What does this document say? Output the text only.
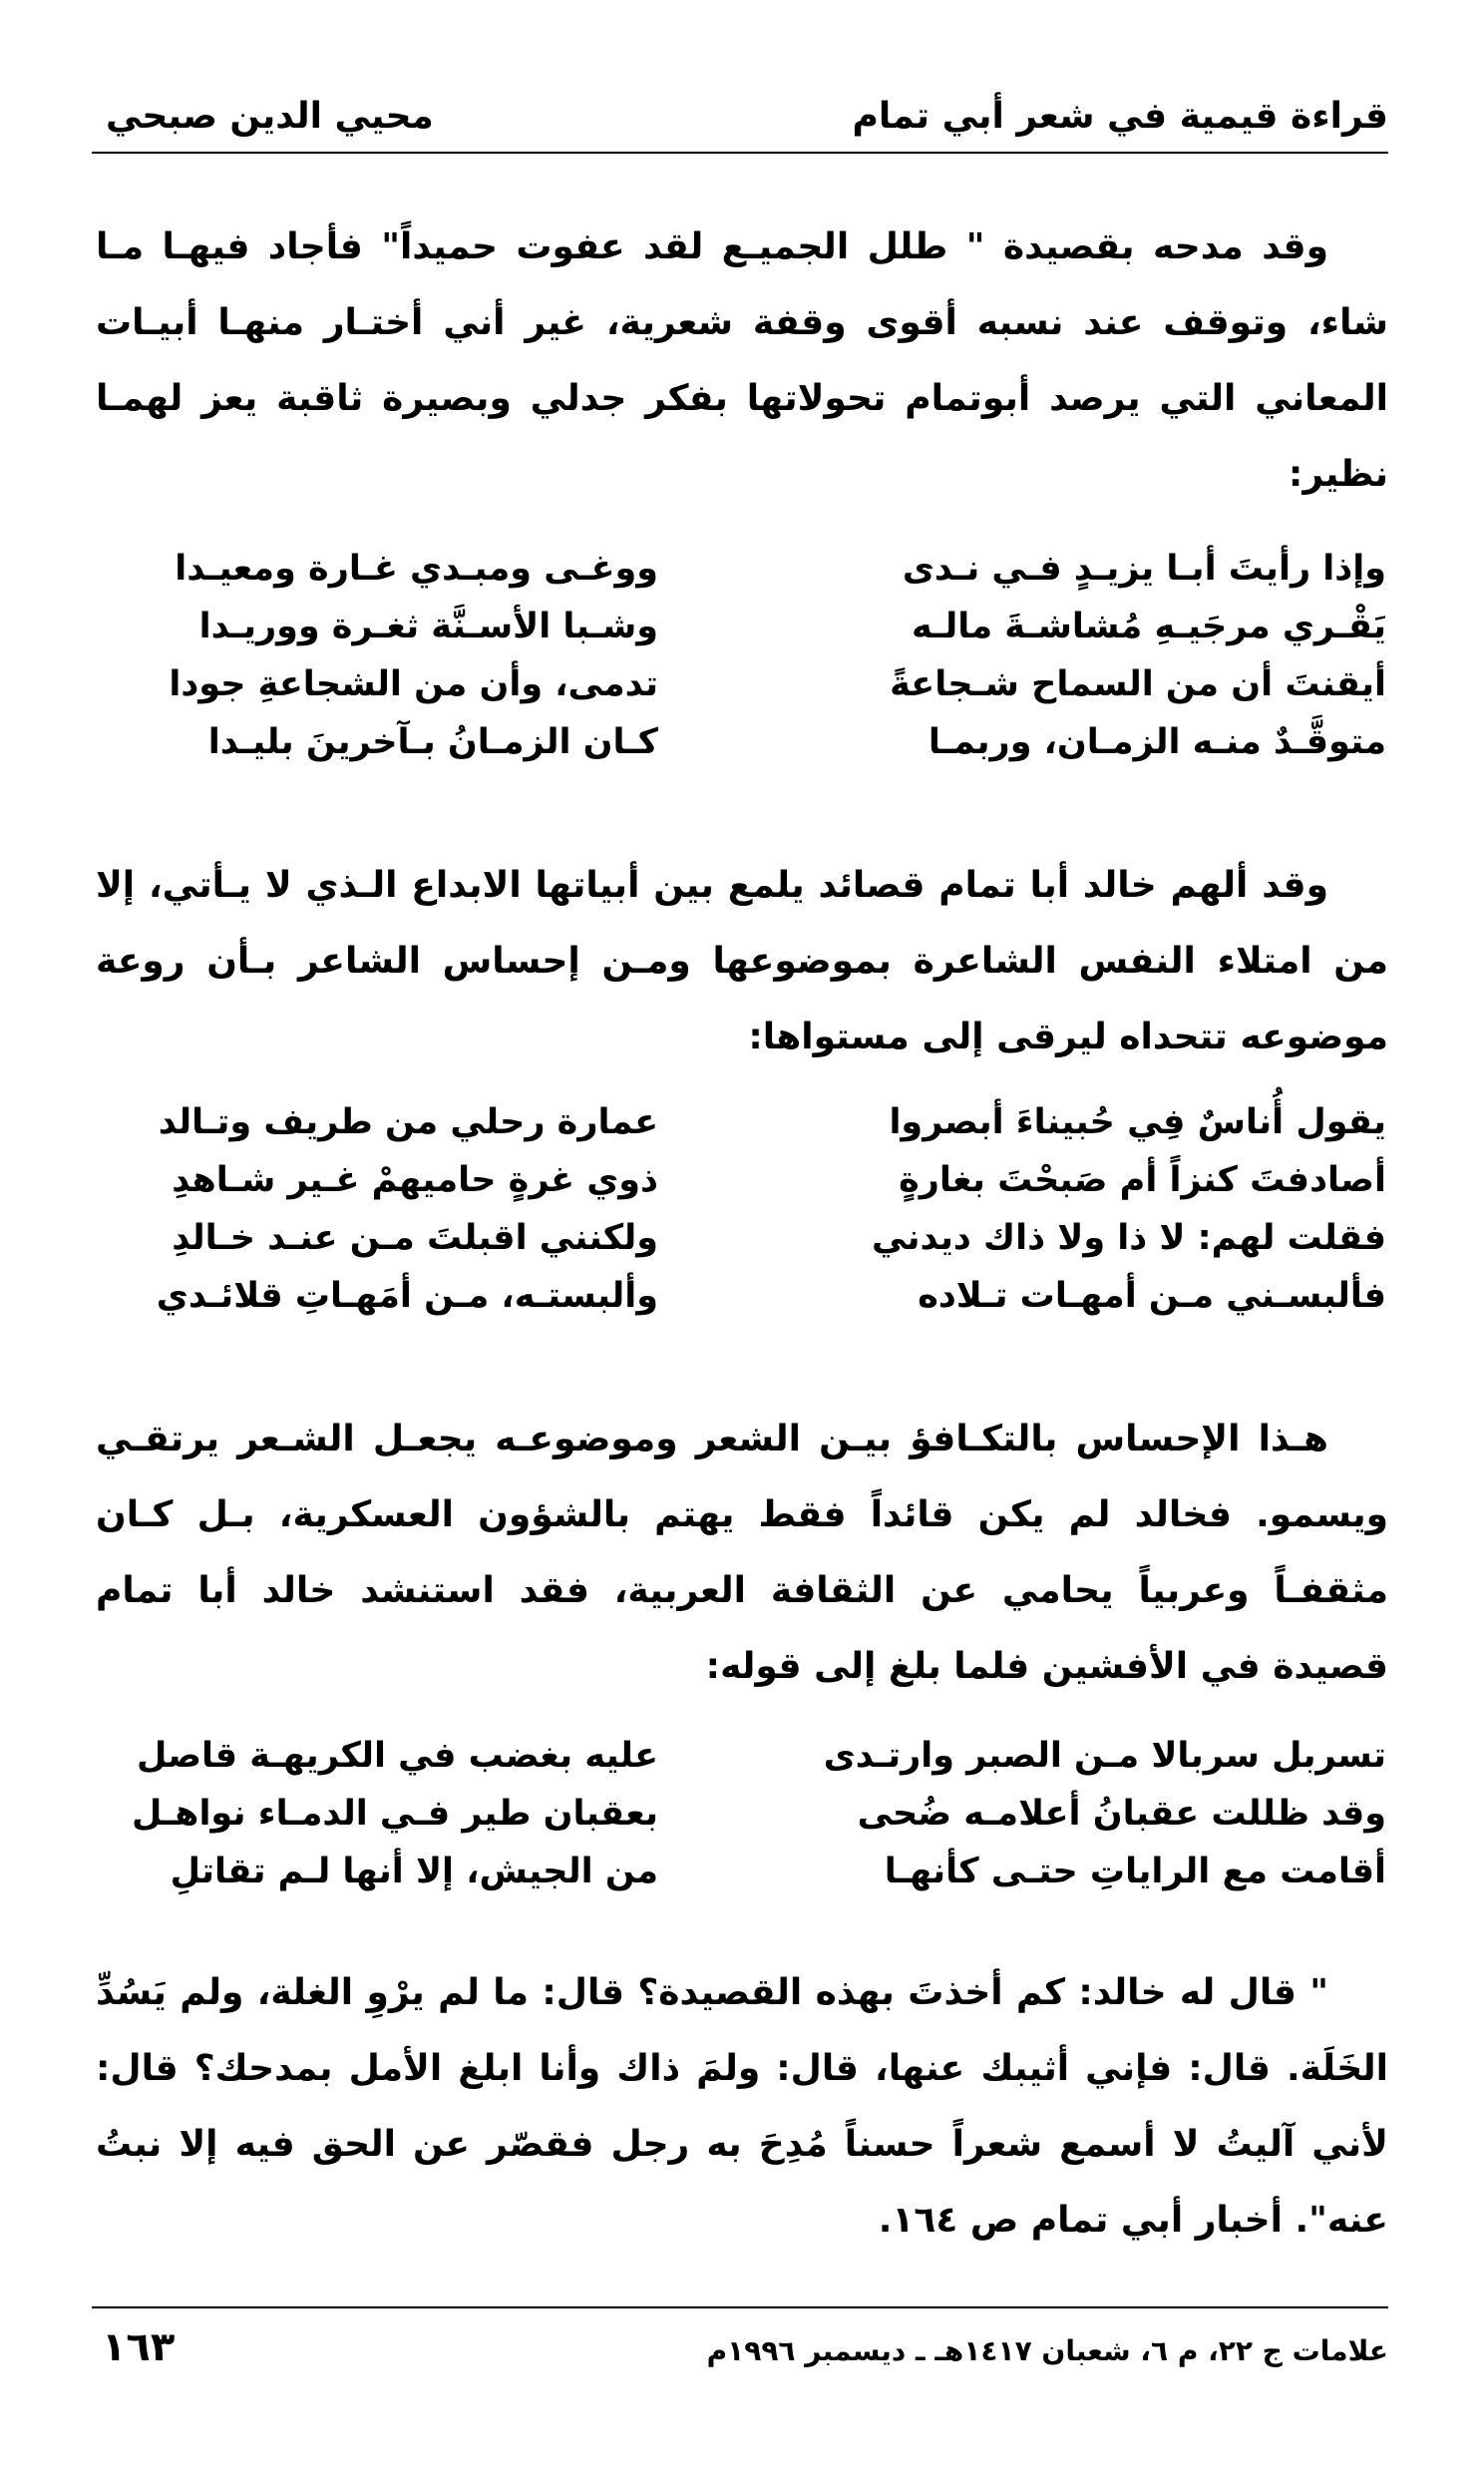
قراءة قيمية في شعر أبي تمام
محيي الدين صبحي
وقد مدحه بقصيدة " طلل الجميـع لقد عفوت حميداً" فأجاد فيهـا مـا شاء، وتوقف عند نسبه أقوى وقفة شعرية، غير أني أختـار منهـا أبيـات المعاني التي يرصد أبوتمام تحولاتها بفكر جدلي وبصيرة ثاقبة يعز لهمـا نظير:
وإذا رأيتَ أبـا يزيـدٍ فـي نـدى
ووغـى ومبـدي غـارة ومعيـدا
يَقْـري مرجَيـهِ مُشاشـةَ مالـه
وشـبا الأسـنَّة ثغـرة ووريـدا
أيقنتَ أن من السماح شـجاعةً
تدمى، وأن من الشجاعةِ جودا
متوقَّـدٌ منـه الزمـان، وربمـا
كـان الزمـانُ بـآخرينَ بليـدا
وقد ألهم خالد أبا تمام قصائد يلمع بين أبياتها الابداع الـذي لا يـأتي، إلا من امتلاء النفس الشاعرة بموضوعها ومـن إحساس الشاعر بـأن روعة موضوعه تتحداه ليرقى إلى مستواها:
يقول أُناسٌ فِي حُبيناءَ أبصروا
عمارة رحلي من طريف وتـالد
أصادفتَ كنزاً أم صَبحْتَ بغارةٍ
ذوي غرةٍ حاميهمْ غـير شـاهدِ
فقلت لهم: لا ذا ولا ذاك ديدني
ولكنني اقبلتَ مـن عنـد خـالدِ
فألبسـني مـن أمهـات تـلاده
وألبستـه، مـن أمَهـاتِ قلائـدي
هـذا الإحساس بالتكـافؤ بيـن الشعر وموضوعـه يجعـل الشـعر يرتقـي ويسمو. فخالد لم يكن قائداً فقط يهتم بالشؤون العسكرية، بـل كـان مثقفـاً وعربياً يحامي عن الثقافة العربية، فقد استنشد خالد أبا تمام قصيدة في الأفشين فلما بلغ إلى قوله:
تسربل سربالا مـن الصبر وارتـدى
عليه بغضب في الكريهـة قاصل
وقد ظللت عقبانُ أعلامـه ضُحى
بعقبان طير فـي الدمـاء نواهـل
أقامت مع الراياتِ حتـى كأنهـا
من الجيش، إلا أنها لـم تقاتلِ
" قال له خالد: كم أخذتَ بهذه القصيدة؟ قال: ما لم يرْوِ الغلة، ولم يَسُدِّ الخَلَة. قال: فإني أثيبك عنها، قال: ولمَ ذاك وأنا ابلغ الأمل بمدحك؟ قال: لأني آليتُ لا أسمع شعراً حسناً مُدِحَ به رجل فقصّر عن الحق فيه إلا نبتُ عنه". أخبار أبي تمام ص ١٦٤.
علامات ج ٢٢، م ٦، شعبان ١٤١٧هـ ـ ديسمبر ١٩٩٦م
١٦٣
